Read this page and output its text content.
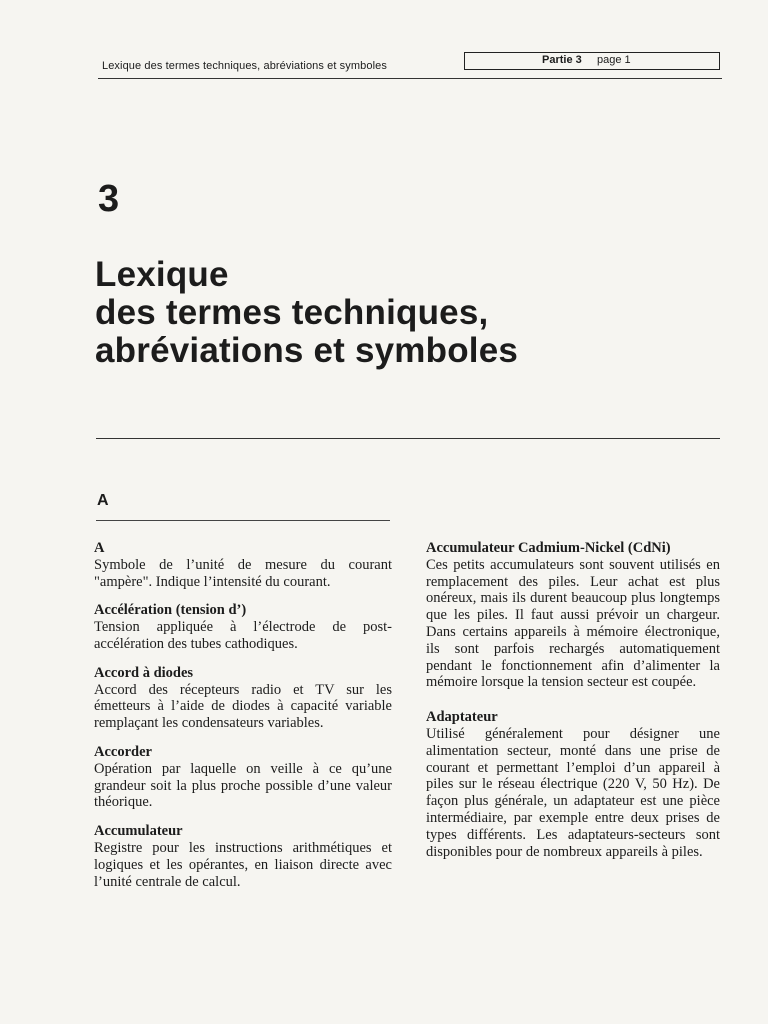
Lexique des termes techniques, abréviations et symboles	Partie 3 page 1
3
Lexique
des termes techniques,
abréviations et symboles
A
A
Symbole de l’unité de mesure du courant "ampère". Indique l’intensité du courant.
Accélération (tension d’)
Tension appliquée à l’électrode de post-accélération des tubes cathodiques.
Accord à diodes
Accord des récepteurs radio et TV sur les émetteurs à l’aide de diodes à capacité variable remplaçant les condensateurs variables.
Accorder
Opération par laquelle on veille à ce qu’une grandeur soit la plus proche possible d’une valeur théorique.
Accumulateur
Registre pour les instructions arithmétiques et logiques et les opérantes, en liaison directe avec l’unité centrale de calcul.
Accumulateur Cadmium-Nickel (CdNi)
Ces petits accumulateurs sont souvent utilisés en remplacement des piles. Leur achat est plus onéreux, mais ils durent beaucoup plus longtemps que les piles. Il faut aussi prévoir un chargeur. Dans certains appareils à mémoire électronique, ils sont parfois rechargés automatiquement pendant le fonctionnement afin d’alimenter la mémoire lorsque la tension secteur est coupée.
Adaptateur
Utilisé généralement pour désigner une alimentation secteur, monté dans une prise de courant et permettant l’emploi d’un appareil à piles sur le réseau électrique (220 V, 50 Hz). De façon plus générale, un adaptateur est une pièce intermédiaire, par exemple entre deux prises de types différents. Les adaptateurs-secteurs sont disponibles pour de nombreux appareils à piles.
